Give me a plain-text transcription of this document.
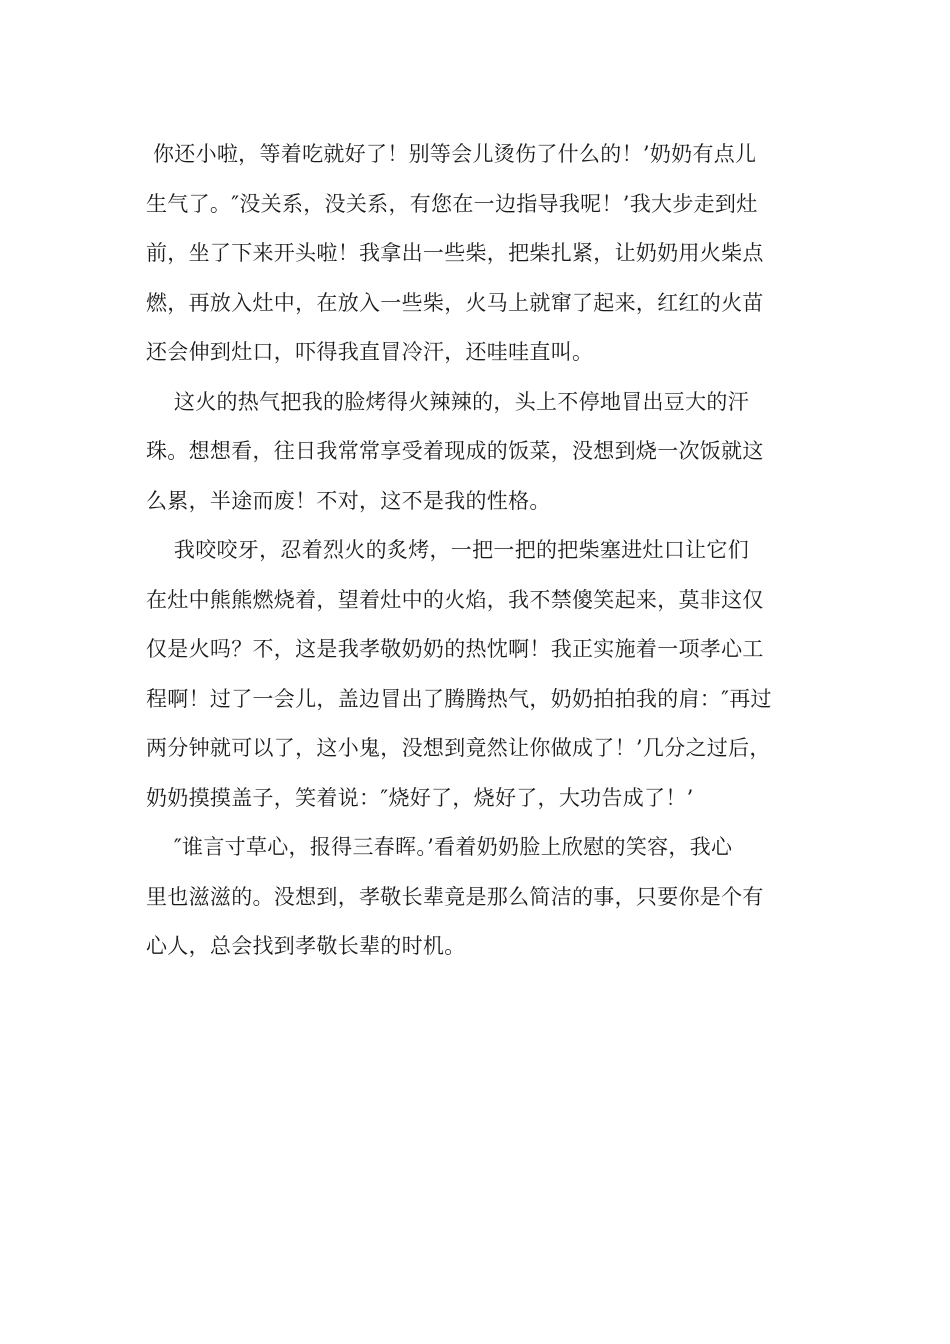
你还小啦，等着吃就好了！别等会儿烫伤了什么的！’奶奶有点儿
生气了。″没关系，没关系，有您在一边指导我呢！’我大步走到灶
前，坐了下来开头啦！我拿出一些柴，把柴扎紧，让奶奶用火柴点
燃，再放入灶中，在放入一些柴，火马上就窜了起来，红红的火苗
还会伸到灶口，吓得我直冒冷汗，还哇哇直叫。

这火的热气把我的脸烤得火辣辣的，头上不停地冒出豆大的汗
珠。想想看，往日我常常享受着现成的饭菜，没想到烧一次饭就这
么累，半途而废！不对，这不是我的性格。

我咬咬牙，忍着烈火的炙烤，一把一把的把柴塞进灶口让它们
在灶中熊熊燃烧着，望着灶中的火焰，我不禁傻笑起来，莫非这仅
仅是火吗？不，这是我孝敬奶奶的热忱啊！我正实施着一项孝心工
程啊！过了一会儿，盖边冒出了腾腾热气，奶奶拍拍我的肩：″再过
两分钟就可以了，这小鬼，没想到竟然让你做成了！’几分之过后，
奶奶摸摸盖子，笑着说：″烧好了，烧好了，大功告成了！’

″谁言寸草心，报得三春晖。’看着奶奶脸上欣慰的笑容，我心
里也滋滋的。没想到，孝敬长辈竟是那么简洁的事，只要你是个有
心人，总会找到孝敬长辈的时机。
